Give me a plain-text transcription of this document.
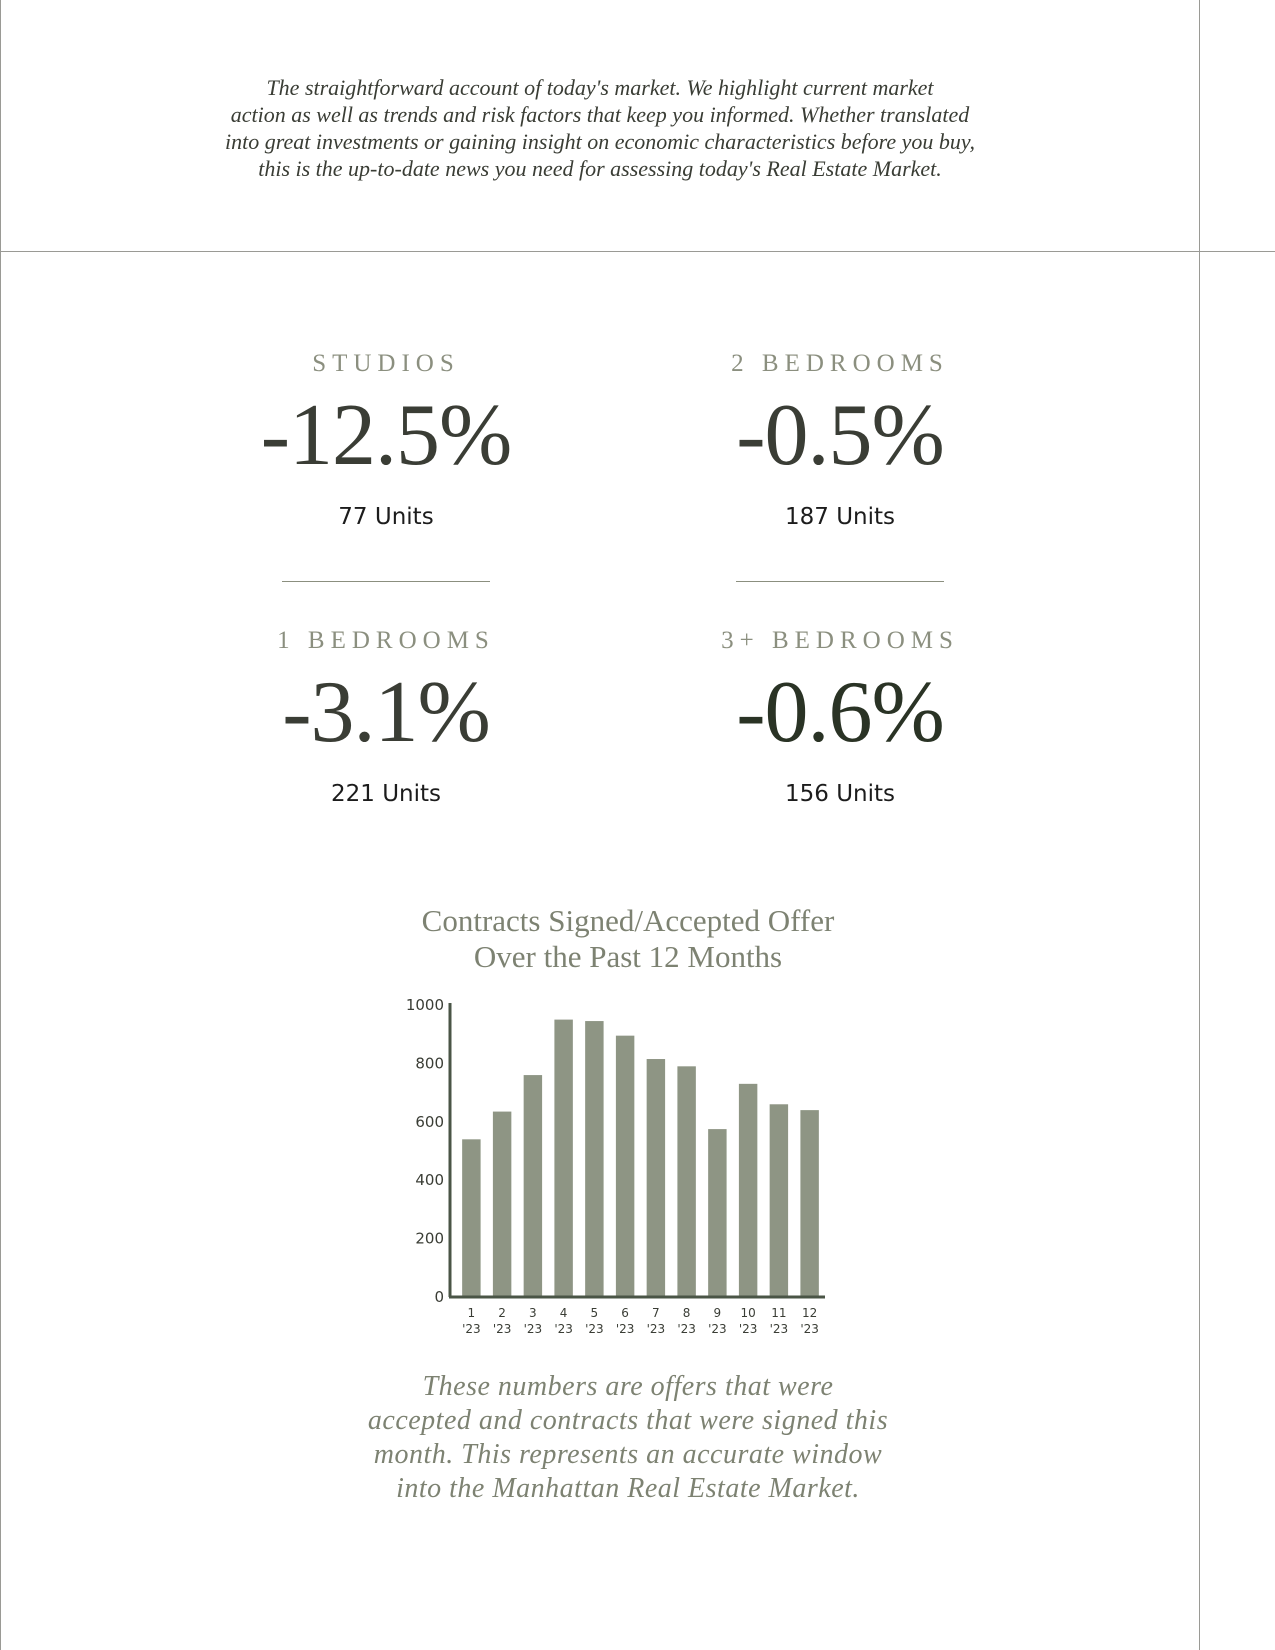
The straightforward account of today's market. We highlight current market
action as well as trends and risk factors that keep you informed. Whether translated
into great investments or gaining insight on economic characteristics before you buy,
this is the up-to-date news you need for assessing today's Real Estate Market.
STUDIOS
-12.5%
77 Units
2 BEDROOMS
-0.5%
187 Units
1 BEDROOMS
-3.1%
221 Units
3+ BEDROOMS
-0.6%
156 Units
Contracts Signed/Accepted Offer
Over the Past 12 Months
0
200
400
600
800
1000
1
'23
2
'23
3
'23
4
'23
5
'23
6
'23
7
'23
8
'23
9
'23
10
'23
11
'23
12
'23
These numbers are offers that were
accepted and contracts that were signed this
month. This represents an accurate window
into the Manhattan Real Estate Market.
